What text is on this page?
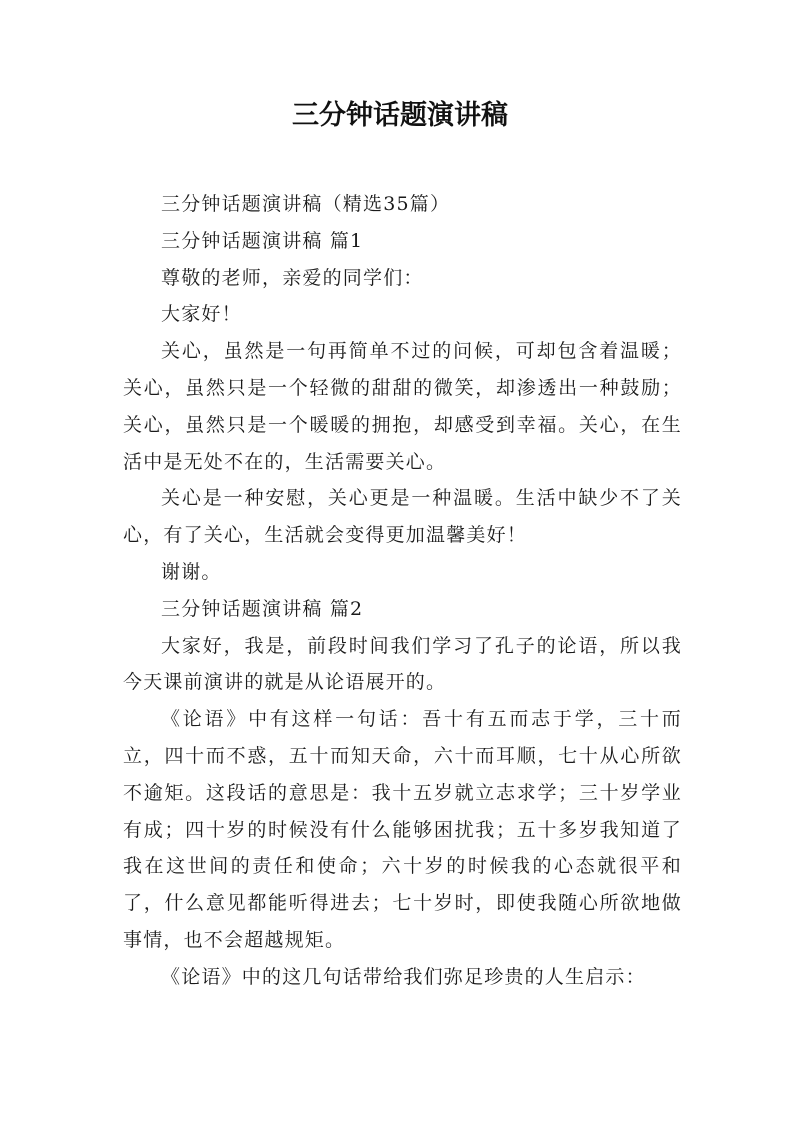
三分钟话题演讲稿

三分钟话题演讲稿（精选35篇）

三分钟话题演讲稿 篇1

尊敬的老师，亲爱的同学们：

大家好！

关心，虽然是一句再简单不过的问候，可却包含着温暖；关心，虽然只是一个轻微的甜甜的微笑，却渗透出一种鼓励；关心，虽然只是一个暖暖的拥抱，却感受到幸福。关心，在生活中是无处不在的，生活需要关心。

关心是一种安慰，关心更是一种温暖。生活中缺少不了关心，有了关心，生活就会变得更加温馨美好！

谢谢。

三分钟话题演讲稿 篇2

大家好，我是，前段时间我们学习了孔子的论语，所以我今天课前演讲的就是从论语展开的。

《论语》中有这样一句话：吾十有五而志于学，三十而立，四十而不惑，五十而知天命，六十而耳顺，七十从心所欲不逾矩。这段话的意思是：我十五岁就立志求学；三十岁学业有成；四十岁的时候没有什么能够困扰我；五十多岁我知道了我在这世间的责任和使命；六十岁的时候我的心态就很平和了，什么意见都能听得进去；七十岁时，即使我随心所欲地做事情，也不会超越规矩。

《论语》中的这几句话带给我们弥足珍贵的人生启示：
